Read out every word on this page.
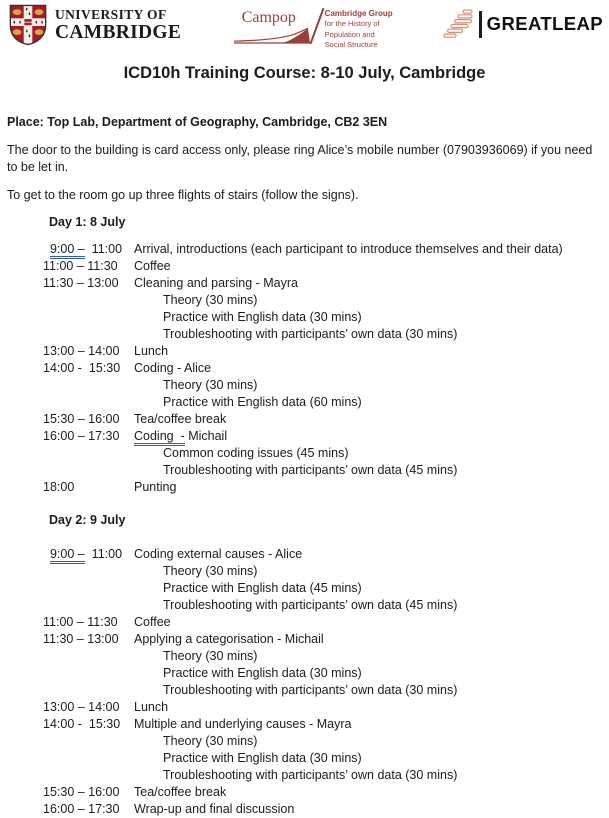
UNIVERSITY OF
CAMBRIDGE
Campop	Cambridge Group
for the History of
Population and
Social Structure
GREATLEAP
ICD10h Training Course: 8-10 July, Cambridge

Place: Top Lab, Department of Geography, Cambridge, CB2 3EN

The door to the building is card access only, please ring Alice’s mobile number (07903936069) if you need to be let in.

To get to the room go up three flights of stairs (follow the signs).

Day 1: 8 July
9:00 –  11:00 Arrival, introductions (each participant to introduce themselves and their data)
11:00 – 11:30	Coffee
11:30 – 13:00	Cleaning and parsing - Mayra
Theory (30 mins)
Practice with English data (30 mins)
Troubleshooting with participants’ own data (30 mins)
13:00 – 14:00	Lunch
14:00 -  15:30	Coding - Alice
Theory (30 mins)
Practice with English data (60 mins)
15:30 – 16:00	Tea/coffee break
16:00 – 17:30	Coding  - Michail
Common coding issues (45 mins)
Troubleshooting with participants’ own data (45 mins)
18:00	Punting
Day 2: 9 July
9:00 –  11:00 Coding external causes - Alice
Theory (30 mins)
Practice with English data (45 mins)
Troubleshooting with participants’ own data (45 mins)
11:00 – 11:30	Coffee
11:30 – 13:00	Applying a categorisation - Michail
Theory (30 mins)
Practice with English data (30 mins)
Troubleshooting with participants’ own data (30 mins)
13:00 – 14:00	Lunch
14:00 -  15:30	Multiple and underlying causes - Mayra
Theory (30 mins)
Practice with English data (30 mins)
Troubleshooting with participants’ own data (30 mins)
15:30 – 16:00	Tea/coffee break
16:00 – 17:30	Wrap-up and final discussion
